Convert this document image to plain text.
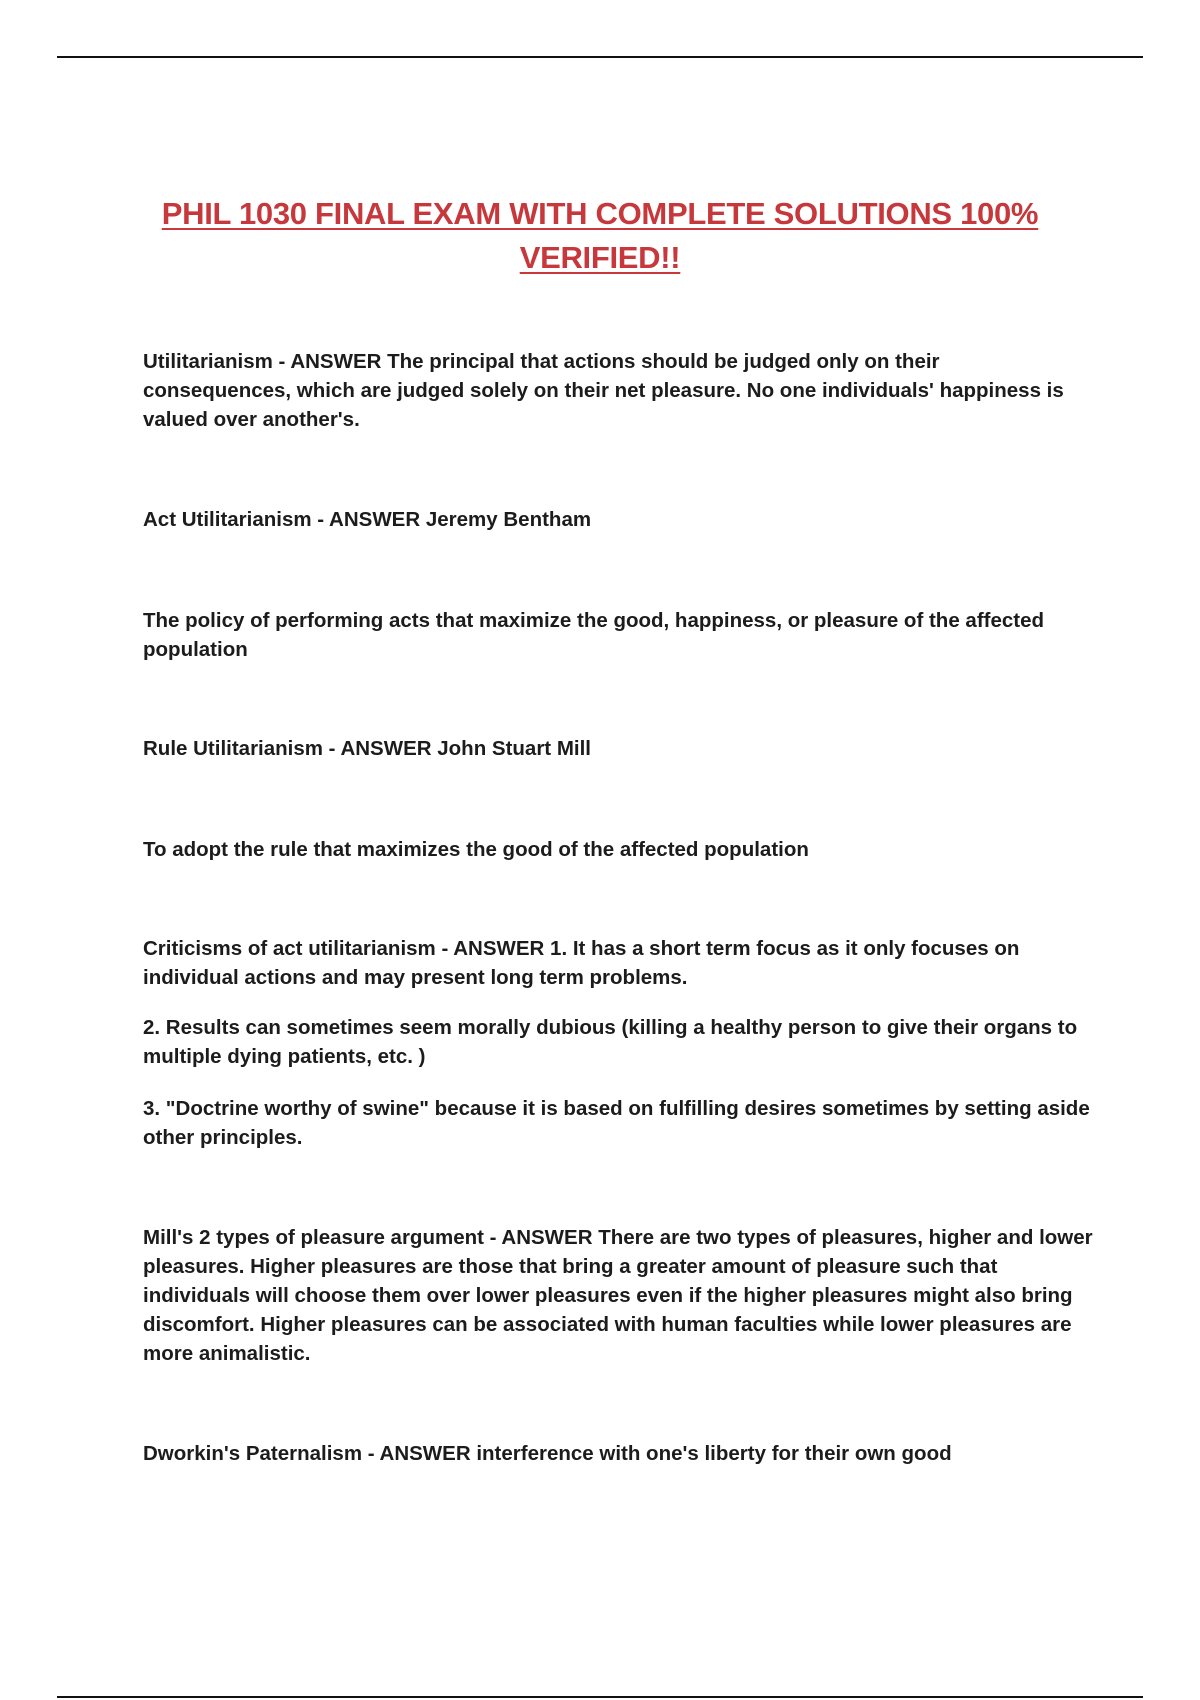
PHIL 1030 FINAL EXAM WITH COMPLETE SOLUTIONS 100% VERIFIED!!

Utilitarianism - ANSWER The principal that actions should be judged only on their consequences, which are judged solely on their net pleasure. No one individuals' happiness is valued over another's.

Act Utilitarianism - ANSWER Jeremy Bentham

The policy of performing acts that maximize the good, happiness, or pleasure of the affected population

Rule Utilitarianism - ANSWER John Stuart Mill

To adopt the rule that maximizes the good of the affected population

Criticisms of act utilitarianism - ANSWER 1. It has a short term focus as it only focuses on individual actions and may present long term problems.

2. Results can sometimes seem morally dubious (killing a healthy person to give their organs to multiple dying patients, etc. )

3. "Doctrine worthy of swine" because it is based on fulfilling desires sometimes by setting aside other principles.

Mill's 2 types of pleasure argument - ANSWER There are two types of pleasures, higher and lower pleasures. Higher pleasures are those that bring a greater amount of pleasure such that individuals will choose them over lower pleasures even if the higher pleasures might also bring discomfort. Higher pleasures can be associated with human faculties while lower pleasures are more animalistic.

Dworkin's Paternalism - ANSWER interference with one's liberty for their own good
